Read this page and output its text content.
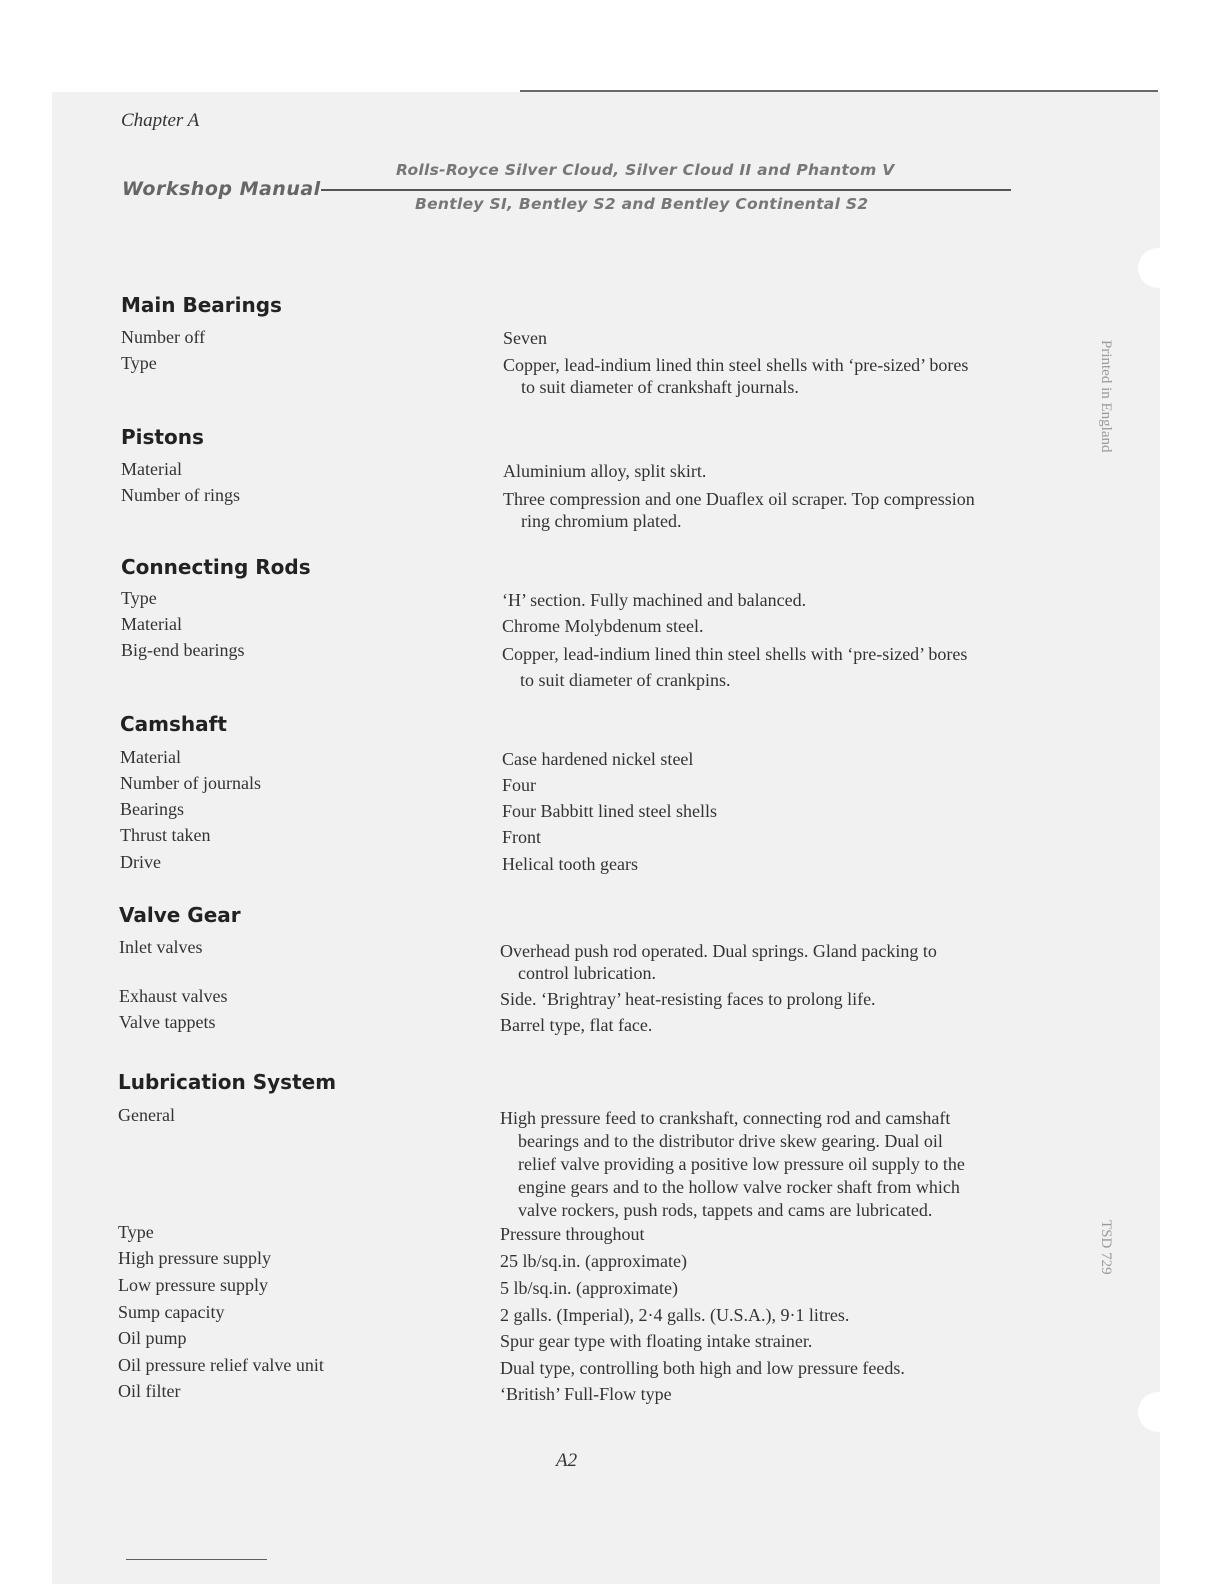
Chapter A
Workshop Manual
Rolls-Royce Silver Cloud, Silver Cloud II and Phantom V
Bentley SI, Bentley S2 and Bentley Continental S2
Printed in England
TSD 729
Main Bearings
Number off	Seven
Type	Copper, lead-indium lined thin steel shells with ‘pre-sized’ bores
to suit diameter of crankshaft journals.
Pistons
Material	Aluminium alloy, split skirt.
Number of rings	Three compression and one Duaflex oil scraper. Top compression
ring chromium plated.
Connecting Rods
Type	‘H’ section. Fully machined and balanced.
Material	Chrome Molybdenum steel.
Big-end bearings	Copper, lead-indium lined thin steel shells with ‘pre-sized’ bores
to suit diameter of crankpins.
Camshaft
Material	Case hardened nickel steel
Number of journals	Four
Bearings	Four Babbitt lined steel shells
Thrust taken	Front
Drive	Helical tooth gears
Valve Gear
Inlet valves	Overhead push rod operated. Dual springs. Gland packing to
control lubrication.
Exhaust valves	Side. ‘Brightray’ heat-resisting faces to prolong life.
Valve tappets	Barrel type, flat face.
Lubrication System
General	High pressure feed to crankshaft, connecting rod and camshaft
bearings and to the distributor drive skew gearing. Dual oil
relief valve providing a positive low pressure oil supply to the
engine gears and to the hollow valve rocker shaft from which
valve rockers, push rods, tappets and cams are lubricated.
Type	Pressure throughout
High pressure supply	25 lb/sq.in. (approximate)
Low pressure supply	5 lb/sq.in. (approximate)
Sump capacity	2 galls. (Imperial), 2·4 galls. (U.S.A.), 9·1 litres.
Oil pump	Spur gear type with floating intake strainer.
Oil pressure relief valve unit	Dual type, controlling both high and low pressure feeds.
Oil filter	‘British’ Full-Flow type
A2
